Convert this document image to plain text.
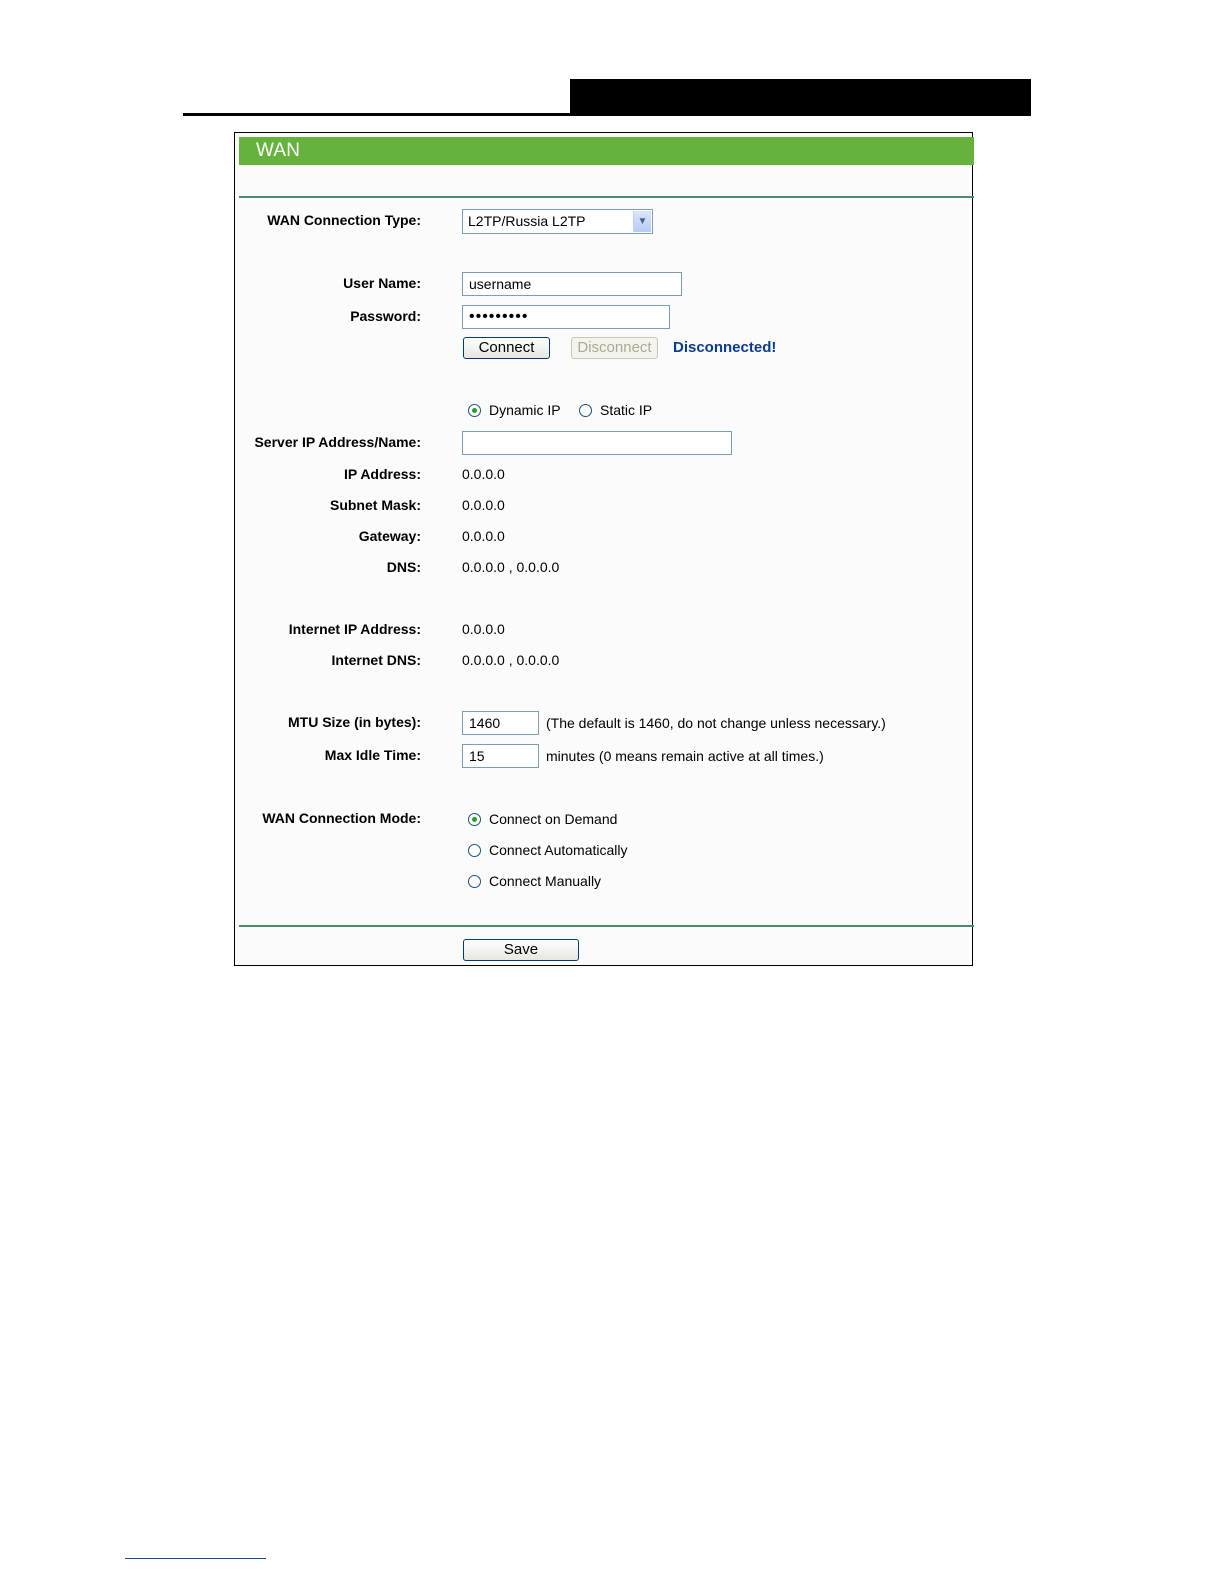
WAN
WAN Connection Type:	L2TP/Russia L2TP	▼
User Name:	username
Password:	•••••••••
Connect	Disconnect	Disconnected!
Dynamic IP	Static IP
Server IP Address/Name:
IP Address:	0.0.0.0
Subnet Mask:	0.0.0.0
Gateway:	0.0.0.0
DNS:	0.0.0.0 , 0.0.0.0
Internet IP Address:	0.0.0.0
Internet DNS:	0.0.0.0 , 0.0.0.0
MTU Size (in bytes):	1460	(The default is 1460, do not change unless necessary.)
Max Idle Time:	15	minutes (0 means remain active at all times.)
WAN Connection Mode:	Connect on Demand
Connect Automatically
Connect Manually
Save
